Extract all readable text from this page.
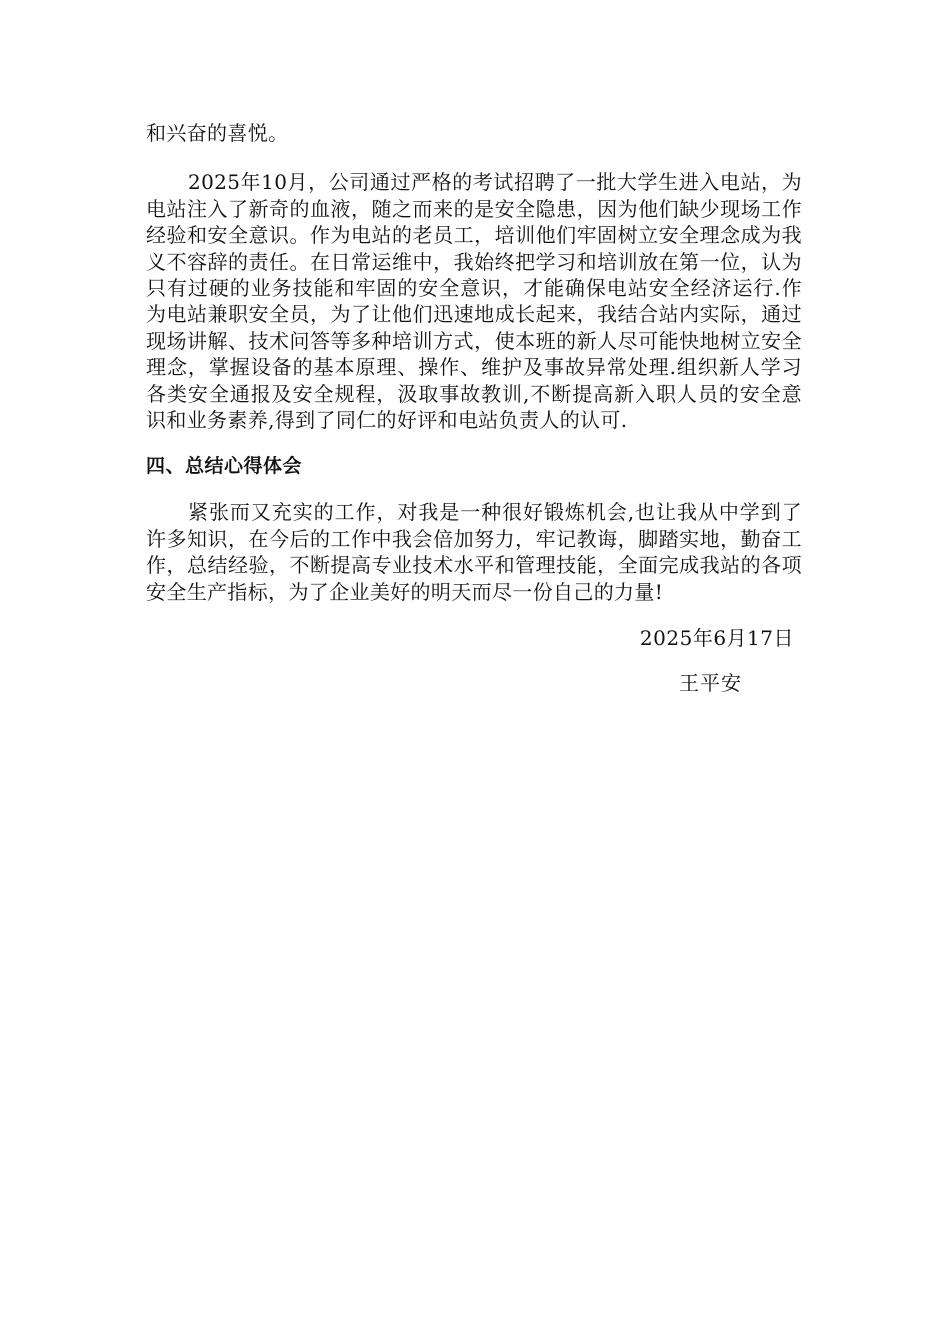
和兴奋的喜悦。

2025年10月，公司通过严格的考试招聘了一批大学生进入电站，为电站注入了新奇的血液，随之而来的是安全隐患，因为他们缺少现场工作经验和安全意识。作为电站的老员工，培训他们牢固树立安全理念成为我义不容辞的责任。在日常运维中，我始终把学习和培训放在第一位，认为只有过硬的业务技能和牢固的安全意识，才能确保电站安全经济运行.作为电站兼职安全员，为了让他们迅速地成长起来，我结合站内实际，通过现场讲解、技术问答等多种培训方式，使本班的新人尽可能快地树立安全理念，掌握设备的基本原理、操作、维护及事故异常处理.组织新人学习各类安全通报及安全规程，汲取事故教训,不断提高新入职人员的安全意识和业务素养,得到了同仁的好评和电站负责人的认可.

四、总结心得体会

紧张而又充实的工作，对我是一种很好锻炼机会,也让我从中学到了许多知识，在今后的工作中我会倍加努力，牢记教诲，脚踏实地，勤奋工作，总结经验，不断提高专业技术水平和管理技能，全面完成我站的各项安全生产指标，为了企业美好的明天而尽一份自己的力量!

2025年6月17日

王平安
